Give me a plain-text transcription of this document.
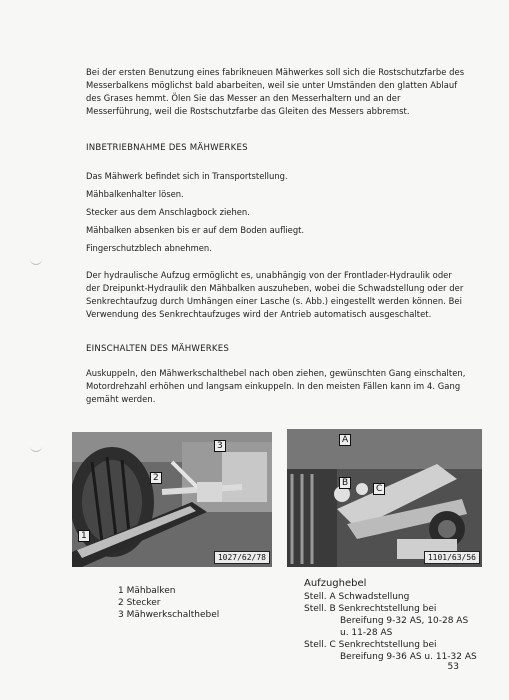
Bei der ersten Benutzung eines fabrikneuen Mähwerkes soll sich die Rostschutzfarbe des Messerbalkens möglichst bald abarbeiten, weil sie unter Umständen den glatten Ablauf des Grases hemmt. Ölen Sie das Messer an den Messerhaltern und an der Messerführung, weil die Rostschutzfarbe das Gleiten des Messers abbremst.

INBETRIEBNAHME DES MÄHWERKES
Das Mähwerk befindet sich in Transportstellung.
Mähbalkenhalter lösen.
Stecker aus dem Anschlagbock ziehen.
Mähbalken absenken bis er auf dem Boden aufliegt.
Fingerschutzblech abnehmen.

Der hydraulische Aufzug ermöglicht es, unabhängig von der Frontlader-Hydraulik oder der Dreipunkt-Hydraulik den Mähbalken auszuheben, wobei die Schwadstellung oder der Senkrechtaufzug durch Umhängen einer Lasche (s. Abb.) eingestellt werden können. Bei Verwendung des Senkrechtaufzuges wird der Antrieb automatisch ausgeschaltet.

EINSCHALTEN DES MÄHWERKES

Auskuppeln, den Mähwerkschalthebel nach oben ziehen, gewünschten Gang einschalten, Motordrehzahl erhöhen und langsam einkuppeln. In den meisten Fällen kann im 4. Gang gemäht werden.

1
2
3
1027/62/78
A
B
C
1101/63/56
1 Mähbalken
2 Stecker
3 Mähwerkschalthebel
Aufzughebel
Stell. A Schwadstellung
Stell. B Senkrechtstellung bei
Bereifung 9-32 AS, 10-28 AS
u. 11-28 AS
Stell. C Senkrechtstellung bei
Bereifung 9-36 AS u. 11-32 AS
53
